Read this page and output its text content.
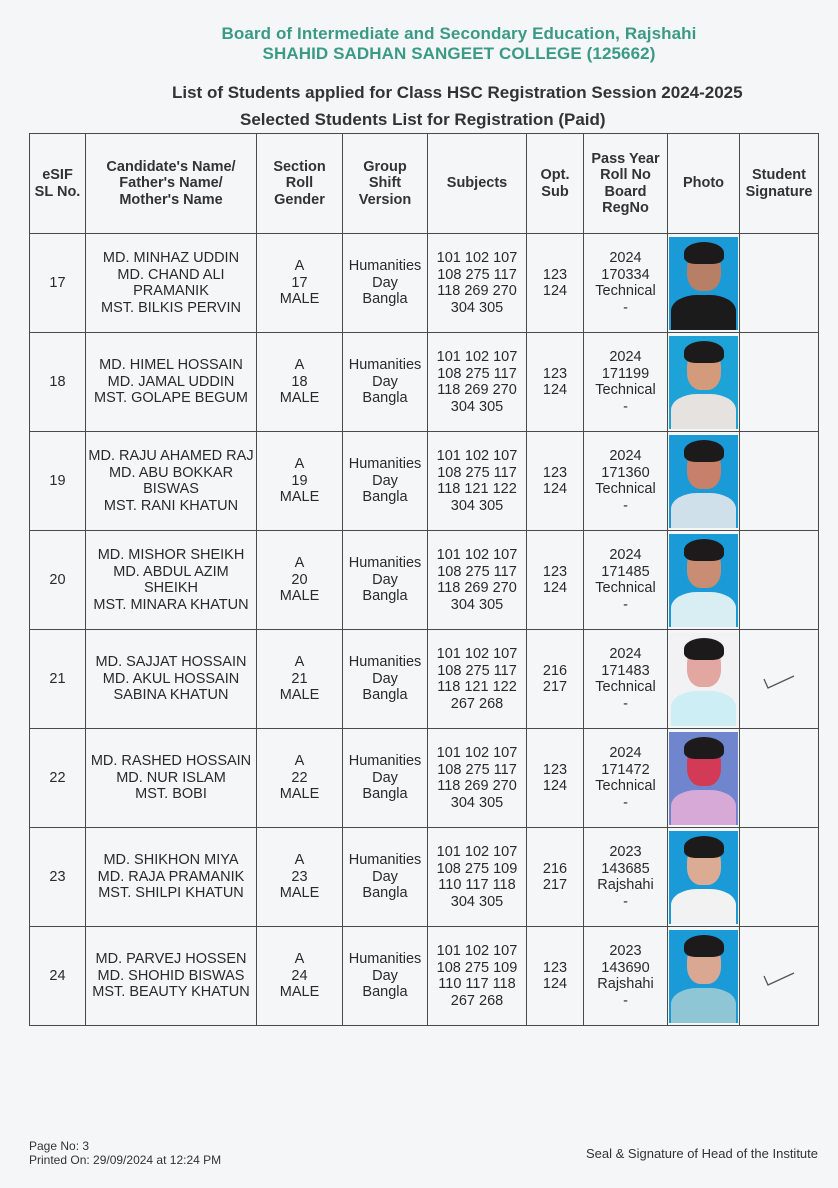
Board of Intermediate and Secondary Education, Rajshahi
SHAHID SADHAN SANGEET COLLEGE (125662)
List of Students applied for Class HSC Registration Session 2024-2025
Selected Students List for Registration (Paid)
eSIF
SL No.	Candidate's Name/
Father's Name/
Mother's Name	Section
Roll
Gender	Group
Shift
Version	Subjects	Opt.
Sub	Pass Year
Roll No
Board
RegNo	Photo	Student
Signature

17	MD. MINHAZ UDDIN
MD. CHAND ALI
PRAMANIK
MST. BILKIS PERVIN	A
17
MALE	Humanities
Day
Bangla	101 102 107
108 275 117
118 269 270
304 305	123
124	2024
170334
Technical
-		

18	MD. HIMEL HOSSAIN
MD. JAMAL UDDIN
MST. GOLAPE BEGUM	A
18
MALE	Humanities
Day
Bangla	101 102 107
108 275 117
118 269 270
304 305	123
124	2024
171199
Technical
-		

19	MD. RAJU AHAMED RAJ
MD. ABU BOKKAR
BISWAS
MST. RANI KHATUN	A
19
MALE	Humanities
Day
Bangla	101 102 107
108 275 117
118 121 122
304 305	123
124	2024
171360
Technical
-		

20	MD. MISHOR SHEIKH
MD. ABDUL AZIM
SHEIKH
MST. MINARA KHATUN	A
20
MALE	Humanities
Day
Bangla	101 102 107
108 275 117
118 269 270
304 305	123
124	2024
171485
Technical
-		

21	MD. SAJJAT HOSSAIN
MD. AKUL HOSSAIN
SABINA KHATUN	A
21
MALE	Humanities
Day
Bangla	101 102 107
108 275 117
118 121 122
267 268	216
217	2024
171483
Technical
-

22	MD. RASHED HOSSAIN
MD. NUR ISLAM
MST. BOBI	A
22
MALE	Humanities
Day
Bangla	101 102 107
108 275 117
118 269 270
304 305	123
124	2024
171472
Technical
-		

23	MD. SHIKHON MIYA
MD. RAJA PRAMANIK
MST. SHILPI KHATUN	A
23
MALE	Humanities
Day
Bangla	101 102 107
108 275 109
110 117 118
304 305	216
217	2023
143685
Rajshahi
-		

24	MD. PARVEJ HOSSEN
MD. SHOHID BISWAS
MST. BEAUTY KHATUN	A
24
MALE	Humanities
Day
Bangla	101 102 107
108 275 109
110 117 118
267 268	123
124	2023
143690
Rajshahi
-

Page No: 3
Printed On: 29/09/2024 at 12:24 PM	Seal & Signature of Head of the Institute
